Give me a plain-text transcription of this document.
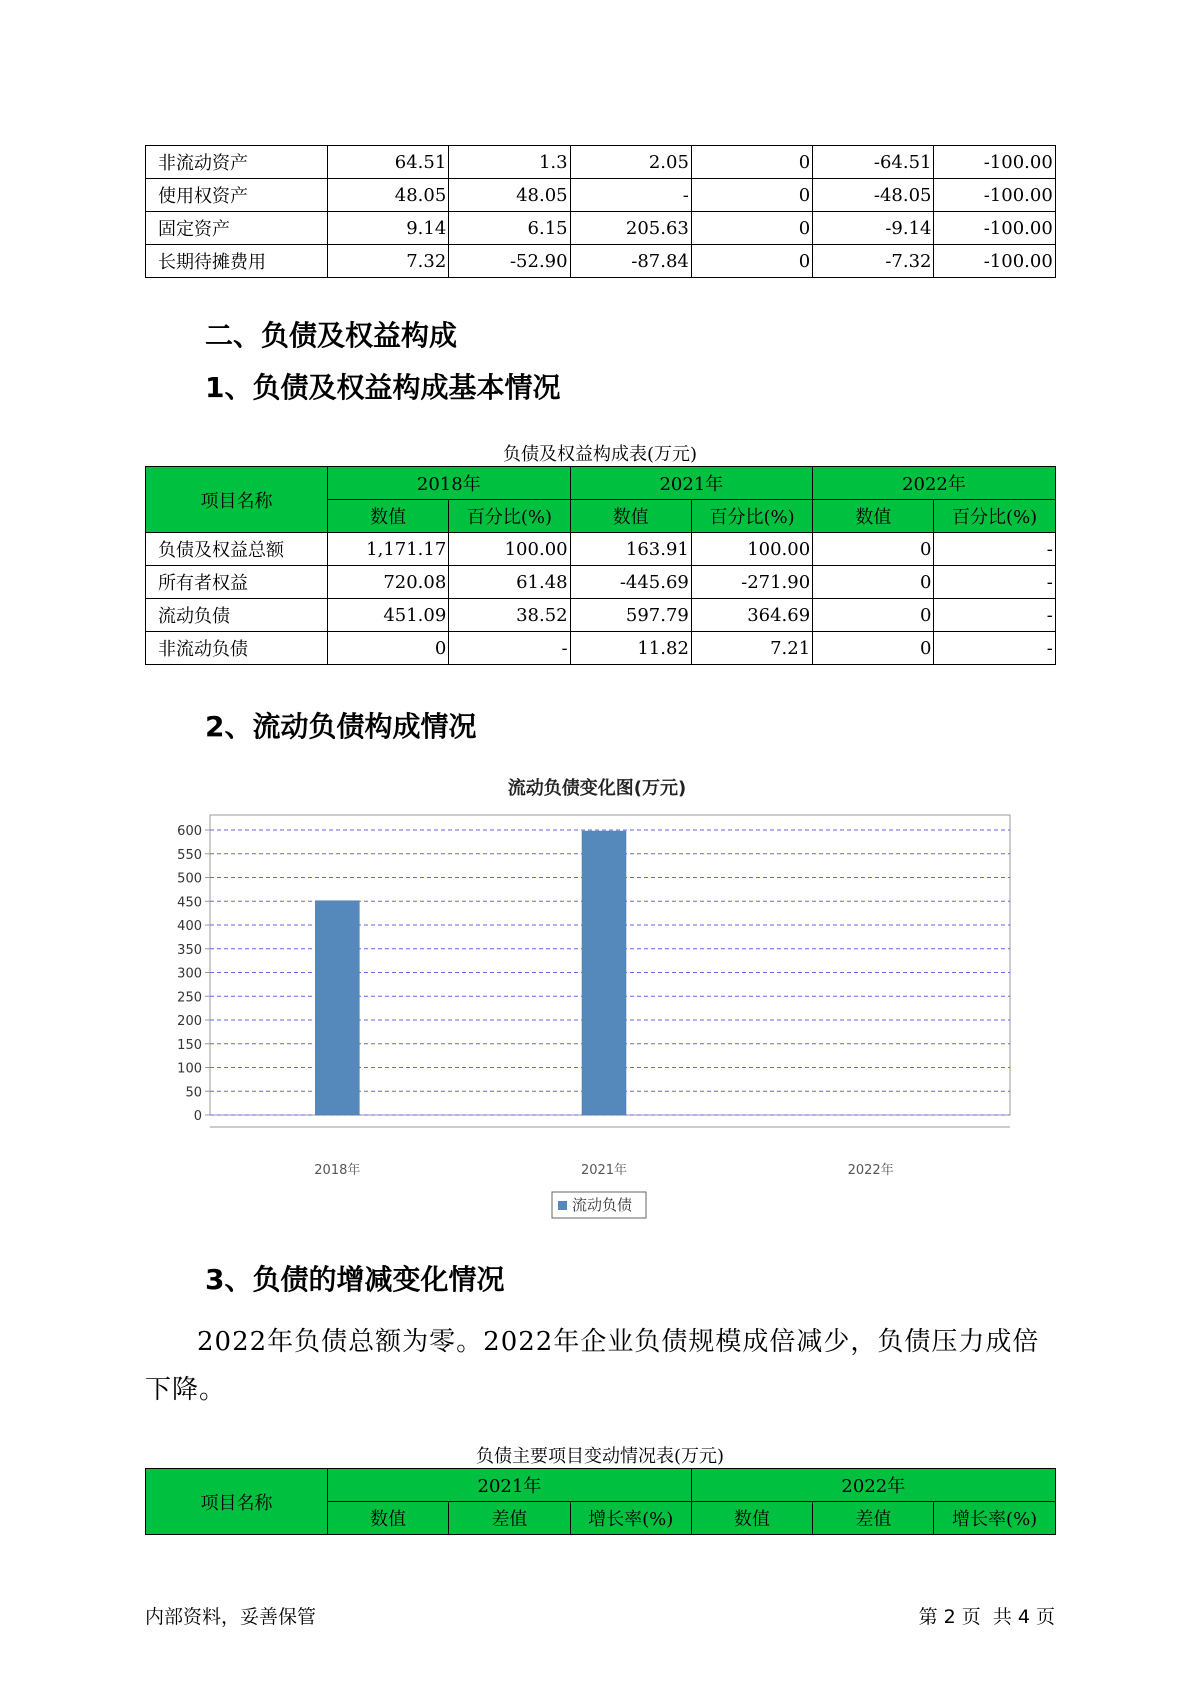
非流动资产	64.51	1.3	2.05	0	-64.51	-100.00
使用权资产	48.05	48.05	-	0	-48.05	-100.00
固定资产	9.14	6.15	205.63	0	-9.14	-100.00
长期待摊费用	7.32	-52.90	-87.84	0	-7.32	-100.00
二、负债及权益构成
1、负债及权益构成基本情况
负债及权益构成表(万元)
项目名称	2018年		2021年		2022年	
	数值	百分比(%)	数值	百分比(%)	数值	百分比(%)
负债及权益总额	1,171.17	100.00	163.91	100.00	0	-
所有者权益	720.08	61.48	-445.69	-271.90	0	-
流动负债	451.09	38.52	597.79	364.69	0	-
非流动负债	0	-	11.82	7.21	0	-
2、流动负债构成情况
流动负债变化图(万元)
0
50
100
150
200
250
300
350
400
450
500
550
600
2018年	2021年	2022年
流动负债
3、负债的增减变化情况
2022年负债总额为零。2022年企业负债规模成倍减少，负债压力成倍下降。
负债主要项目变动情况表(万元)
项目名称	2021年			2022年		
	数值	差值	增长率(%)	数值	差值	增长率(%)
内部资料，妥善保管	第 2 页  共 4 页
